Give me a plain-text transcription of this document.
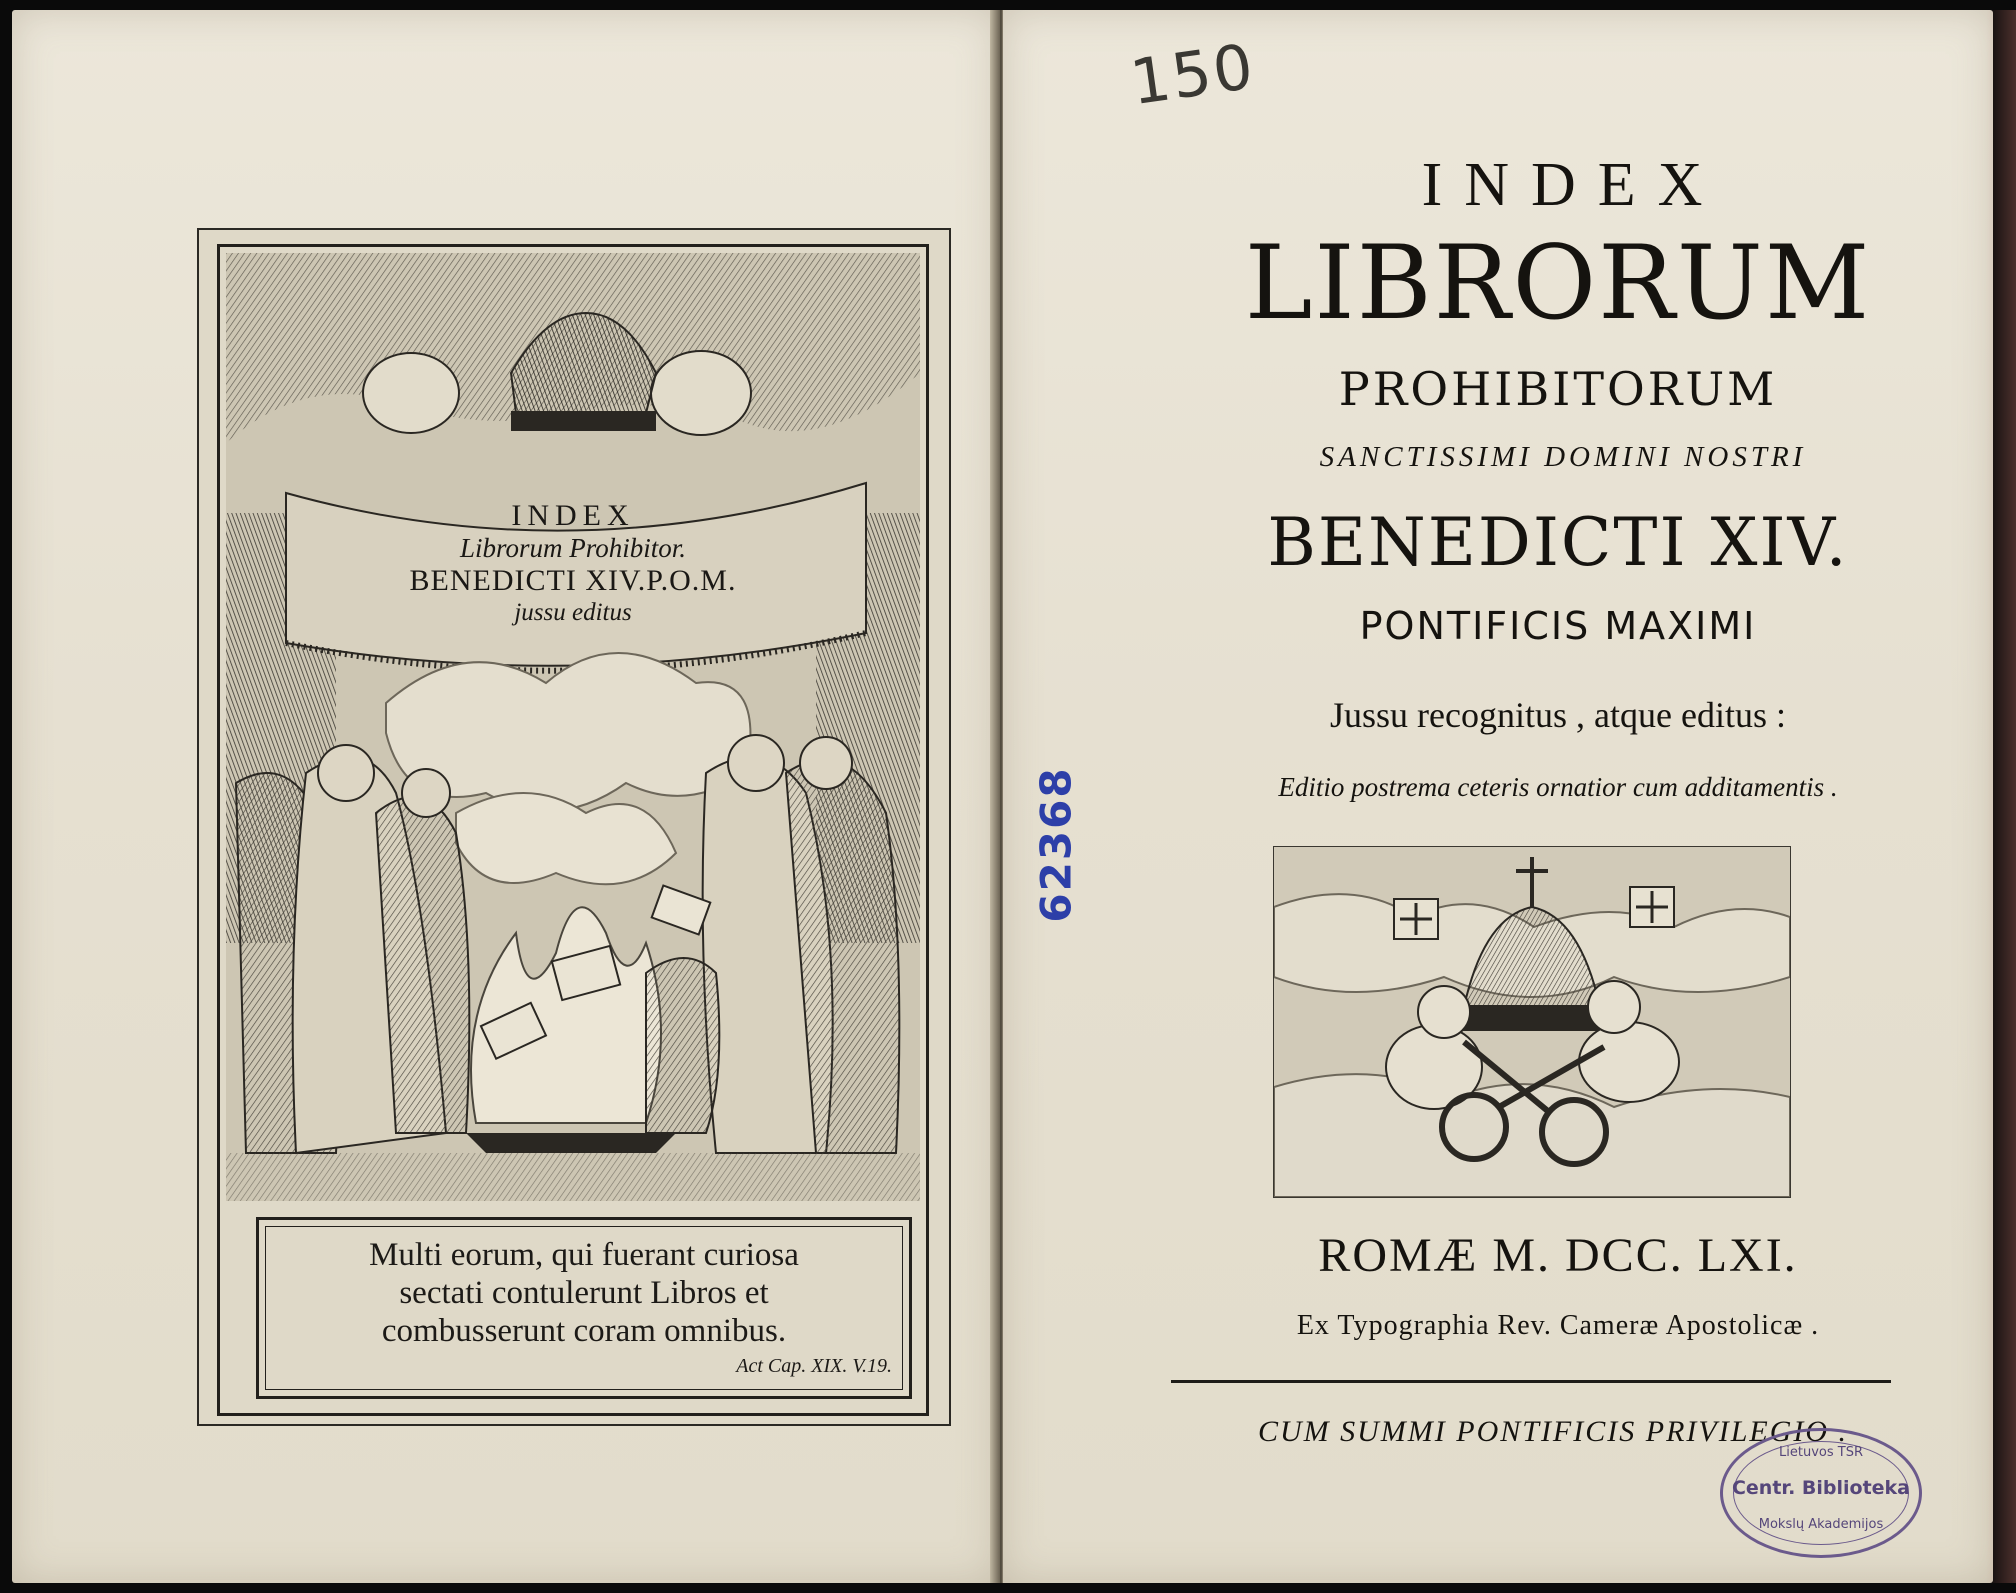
INDEX
Librorum Prohibitor.
BENEDICTI XIV.P.O.M.
jussu editus
Multi eorum, qui fuerant curiosa
sectati contulerunt Libros et
combusserunt coram omnibus.
Act Cap. XIX. V.19.
150
INDEX
LIBRORUM
PROHIBITORUM
SANCTISSIMI DOMINI NOSTRI
BENEDICTI XIV.
PONTIFICIS MAXIMI
Jussu recognitus , atque editus :
Editio postrema ceteris ornatior cum additamentis .
62368
ROMÆ M. DCC. LXI.
Ex Typographia Rev. Cameræ Apostolicæ .
CUM SUMMI PONTIFICIS PRIVILEGIO .
Lietuvos TSR
Centr. Biblioteka
Mokslų Akademijos
